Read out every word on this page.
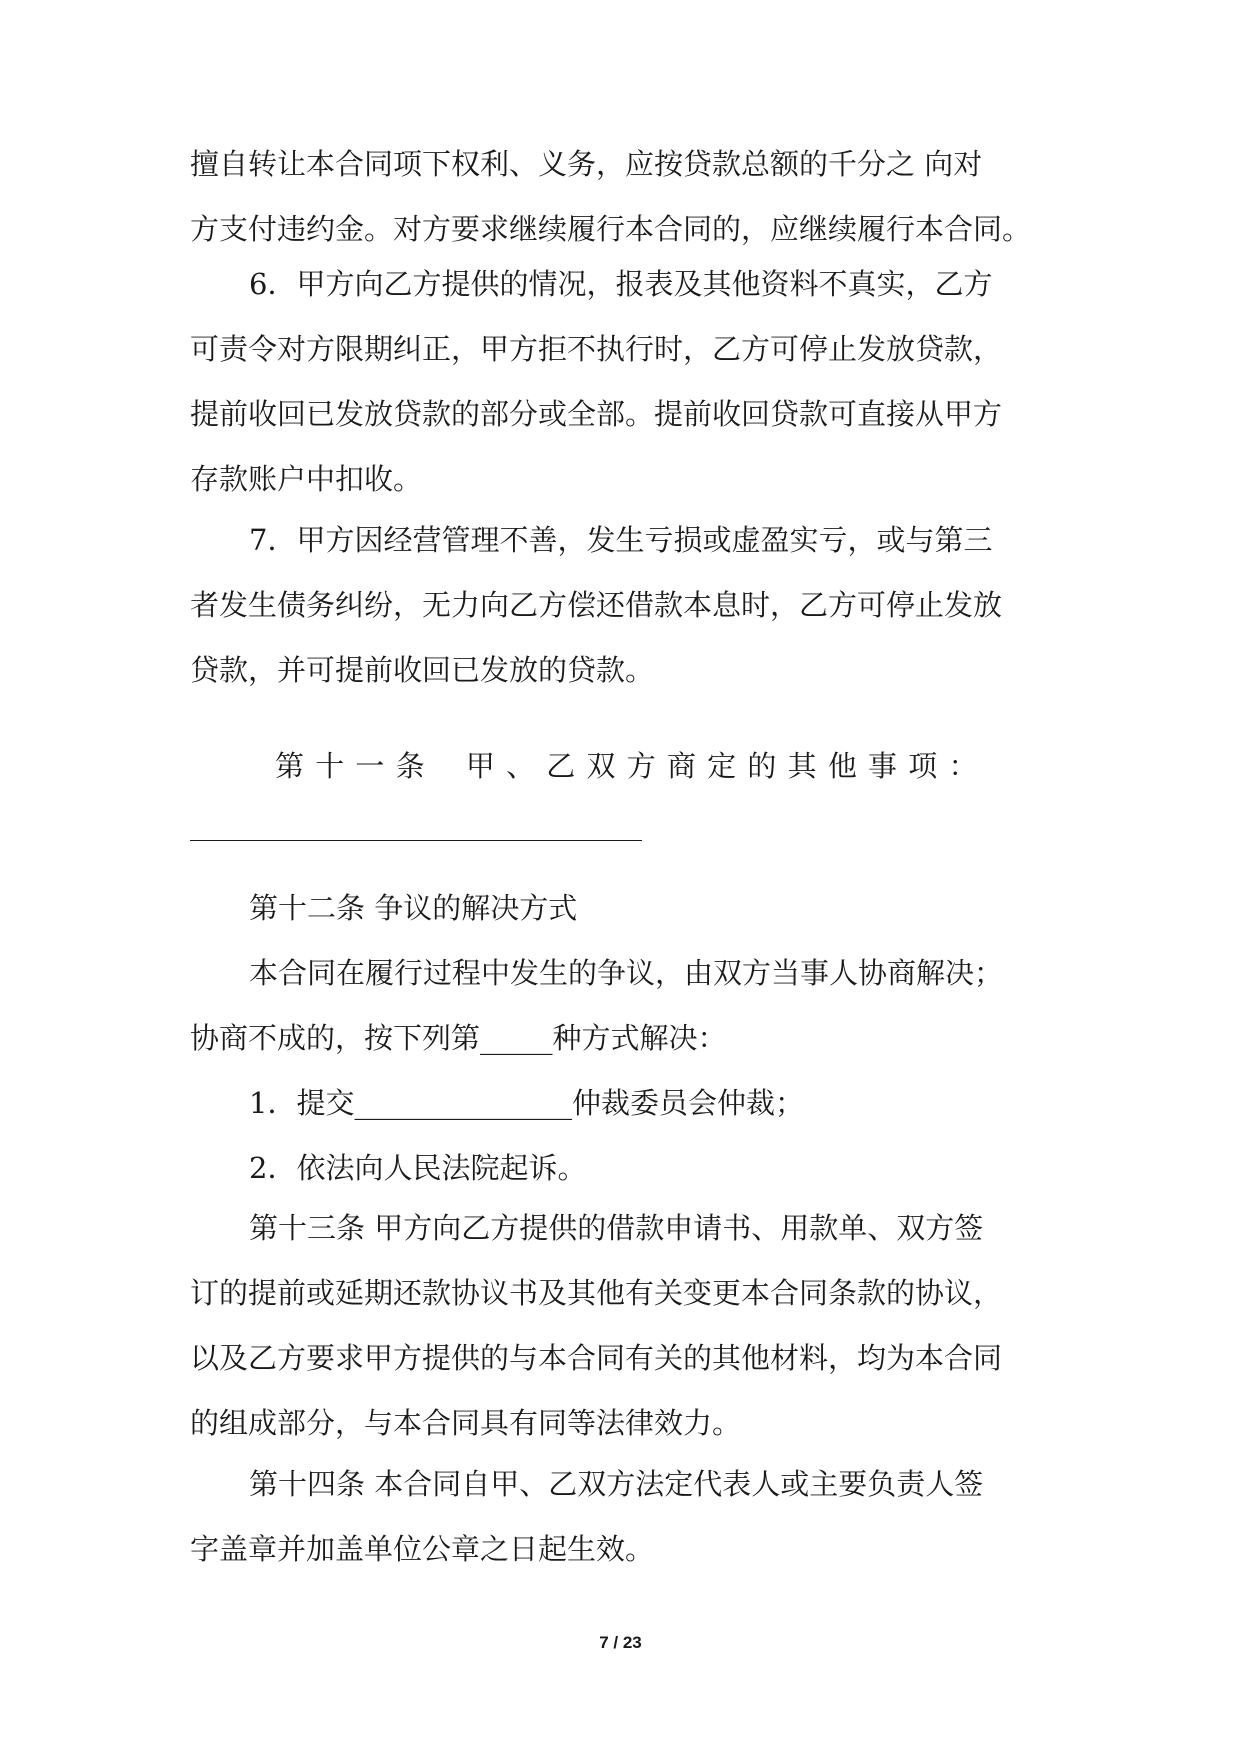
擅自转让本合同项下权利、义务，应按贷款总额的千分之 向对
方支付违约金。对方要求继续履行本合同的，应继续履行本合同。

6．甲方向乙方提供的情况，报表及其他资料不真实，乙方
可责令对方限期纠正，甲方拒不执行时，乙方可停止发放贷款，
提前收回已发放贷款的部分或全部。提前收回贷款可直接从甲方
存款账户中扣收。

7．甲方因经营管理不善，发生亏损或虚盈实亏，或与第三
者发生债务纠纷，无力向乙方偿还借款本息时，乙方可停止发放
贷款，并可提前收回已发放的贷款。

第 十 一 条 　甲 、 乙 双 方 商 定 的 其 他 事 项 ：

第十二条 争议的解决方式
本合同在履行过程中发生的争议，由双方当事人协商解决；
协商不成的，按下列第_____种方式解决：
1．提交_______________仲裁委员会仲裁；
2．依法向人民法院起诉。

第十三条 甲方向乙方提供的借款申请书、用款单、双方签
订的提前或延期还款协议书及其他有关变更本合同条款的协议，
以及乙方要求甲方提供的与本合同有关的其他材料，均为本合同
的组成部分，与本合同具有同等法律效力。

第十四条 本合同自甲、乙双方法定代表人或主要负责人签
字盖章并加盖单位公章之日起生效。

7 / 23
